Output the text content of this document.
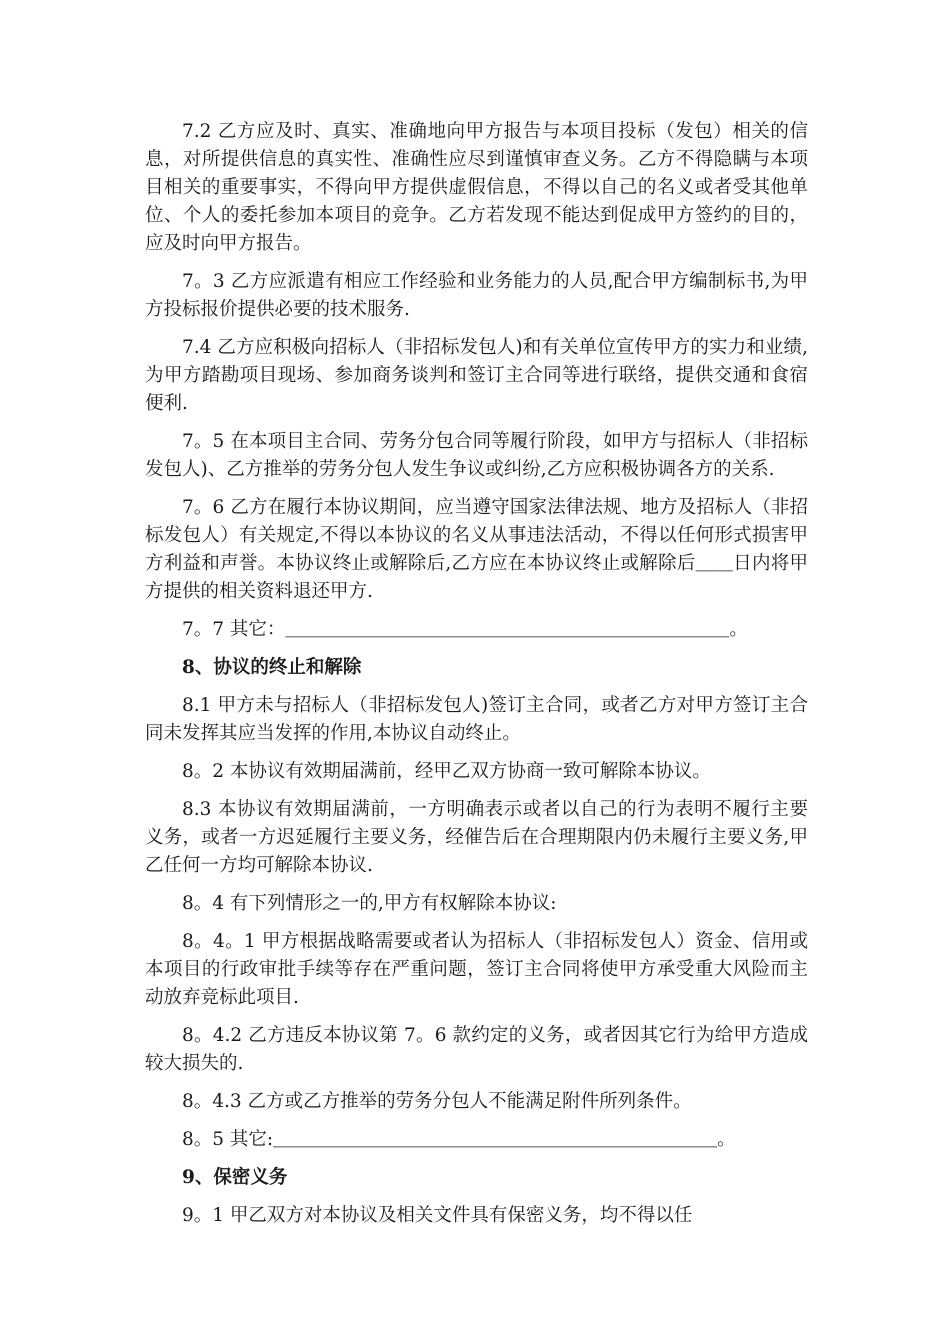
7.2 乙方应及时、真实、准确地向甲方报告与本项目投标（发包）相关的信息，对所提供信息的真实性、准确性应尽到谨慎审查义务。乙方不得隐瞒与本项目相关的重要事实，不得向甲方提供虚假信息，不得以自己的名义或者受其他单位、个人的委托参加本项目的竞争。乙方若发现不能达到促成甲方签约的目的，应及时向甲方报告。

7。3 乙方应派遣有相应工作经验和业务能力的人员,配合甲方编制标书,为甲方投标报价提供必要的技术服务.

7.4 乙方应积极向招标人（非招标发包人)和有关单位宣传甲方的实力和业绩,为甲方踏勘项目现场、参加商务谈判和签订主合同等进行联络，提供交通和食宿便利.

7。5 在本项目主合同、劳务分包合同等履行阶段，如甲方与招标人（非招标发包人)、乙方推举的劳务分包人发生争议或纠纷,乙方应积极协调各方的关系.

7。6 乙方在履行本协议期间，应当遵守国家法律法规、地方及招标人（非招标发包人）有关规定,不得以本协议的名义从事违法活动，不得以任何形式损害甲方利益和声誉。本协议终止或解除后,乙方应在本协议终止或解除后＿＿日内将甲方提供的相关资料退还甲方.

7。7 其它：＿＿＿＿＿＿＿＿＿＿＿＿＿＿＿＿＿＿＿＿＿＿＿＿。

8、协议的终止和解除

8.1 甲方未与招标人（非招标发包人)签订主合同，或者乙方对甲方签订主合同未发挥其应当发挥的作用,本协议自动终止。

8。2 本协议有效期届满前，经甲乙双方协商一致可解除本协议。

8.3 本协议有效期届满前，一方明确表示或者以自己的行为表明不履行主要义务，或者一方迟延履行主要义务，经催告后在合理期限内仍未履行主要义务,甲乙任何一方均可解除本协议.

8。4 有下列情形之一的,甲方有权解除本协议:

8。4。1 甲方根据战略需要或者认为招标人（非招标发包人）资金、信用或本项目的行政审批手续等存在严重问题，签订主合同将使甲方承受重大风险而主动放弃竞标此项目.

8。4.2 乙方违反本协议第 7。6 款约定的义务，或者因其它行为给甲方造成较大损失的.

8。4.3 乙方或乙方推举的劳务分包人不能满足附件所列条件。

8。5 其它:＿＿＿＿＿＿＿＿＿＿＿＿＿＿＿＿＿＿＿＿＿＿＿＿。

9、保密义务

9。1 甲乙双方对本协议及相关文件具有保密义务，均不得以任
